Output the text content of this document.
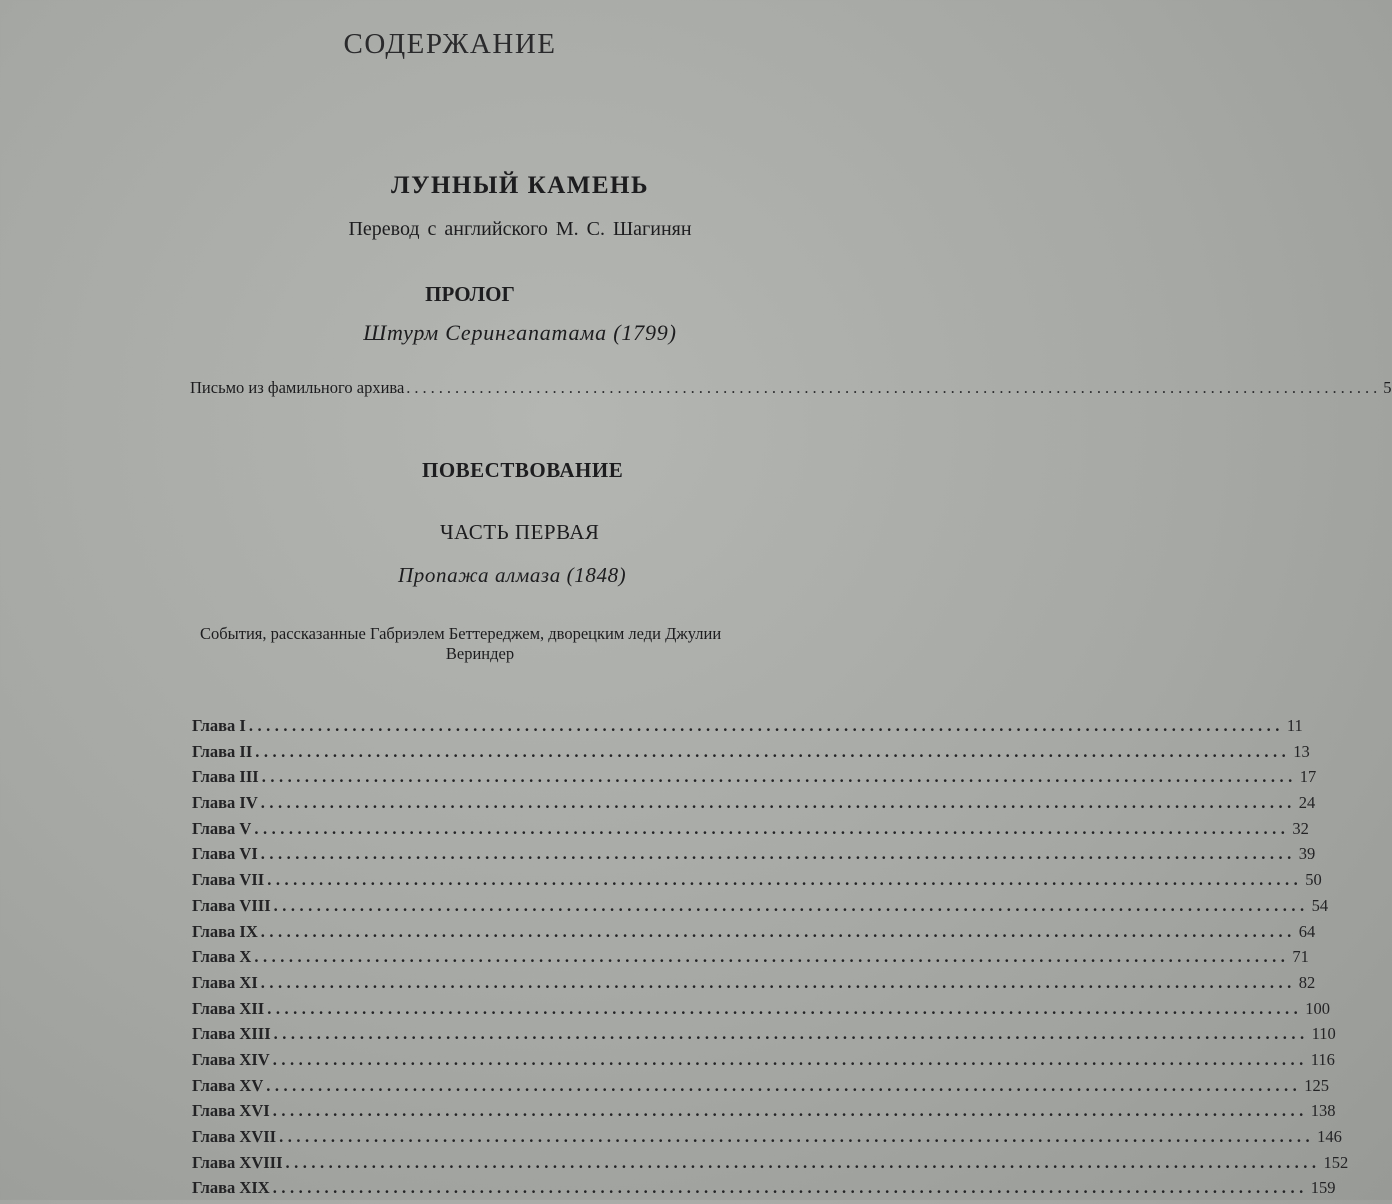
СОДЕРЖАНИЕ
ЛУННЫЙ КАМЕНЬ
Перевод с английского М. С. Шагинян
ПРОЛОГ
Штурм Серингапатама (1799)
Письмо из фамильного архива ........................................................................................................................ 5
ПОВЕСТВОВАНИЕ
ЧАСТЬ ПЕРВАЯ
Пропажа алмаза (1848)
События, рассказанные Габриэлем Беттереджем, дворецким леди Джулии
Вериндер
Глава I ........................................................................................................................ 11
Глава II ........................................................................................................................ 13
Глава III ........................................................................................................................ 17
Глава IV ........................................................................................................................ 24
Глава V ........................................................................................................................ 32
Глава VI ........................................................................................................................ 39
Глава VII ........................................................................................................................ 50
Глава VIII ........................................................................................................................ 54
Глава IX ........................................................................................................................ 64
Глава X ........................................................................................................................ 71
Глава XI ........................................................................................................................ 82
Глава XII ........................................................................................................................ 100
Глава XIII ........................................................................................................................ 110
Глава XIV ........................................................................................................................ 116
Глава XV ........................................................................................................................ 125
Глава XVI ........................................................................................................................ 138
Глава XVII ........................................................................................................................ 146
Глава XVIII ........................................................................................................................ 152
Глава XIX ........................................................................................................................ 159
